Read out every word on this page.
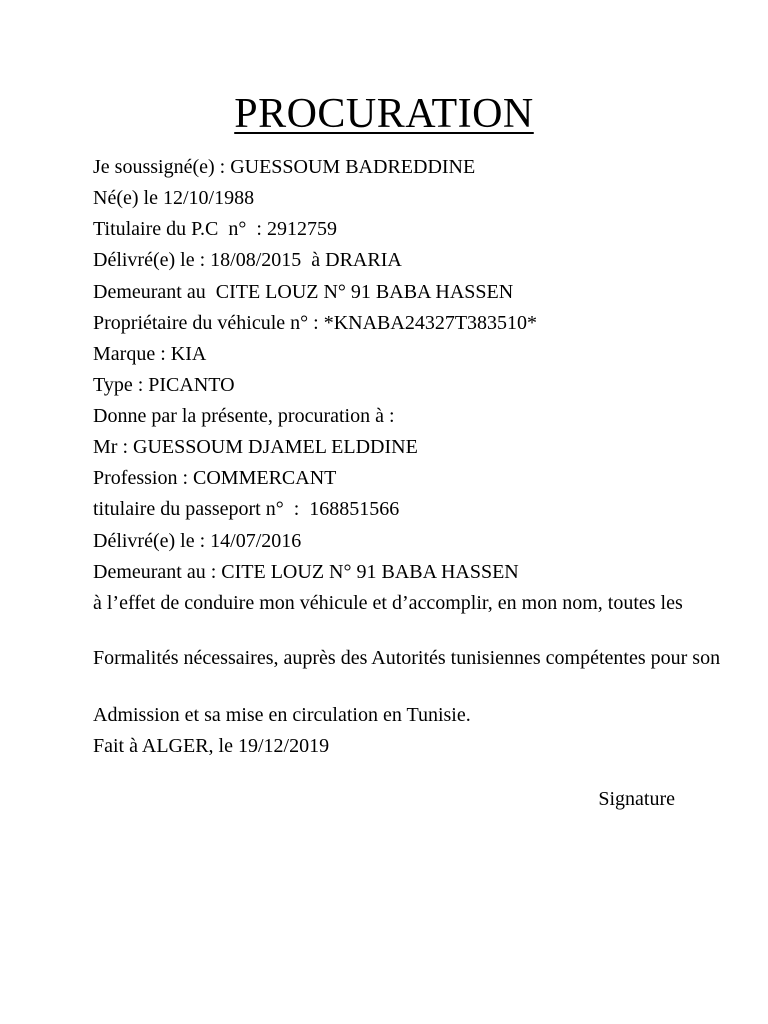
PROCURATION
Je soussigné(e) : GUESSOUM BADREDDINE
Né(e) le 12/10/1988
Titulaire du P.C  n°  : 2912759
Délivré(e) le : 18/08/2015  à DRARIA
Demeurant au  CITE LOUZ N° 91 BABA HASSEN
Propriétaire du véhicule n° : *KNABA24327T383510*
Marque : KIA
Type : PICANTO
Donne par la présente, procuration à :
Mr : GUESSOUM DJAMEL ELDDINE
Profession : COMMERCANT
titulaire du passeport n°  :  168851566
Délivré(e) le : 14/07/2016
Demeurant au : CITE LOUZ N° 91 BABA HASSEN
à l’effet de conduire mon véhicule et d’accomplir, en mon nom, toutes les
Formalités nécessaires, auprès des Autorités tunisiennes compétentes pour son
Admission et sa mise en circulation en Tunisie.
Fait à ALGER, le 19/12/2019
Signature
